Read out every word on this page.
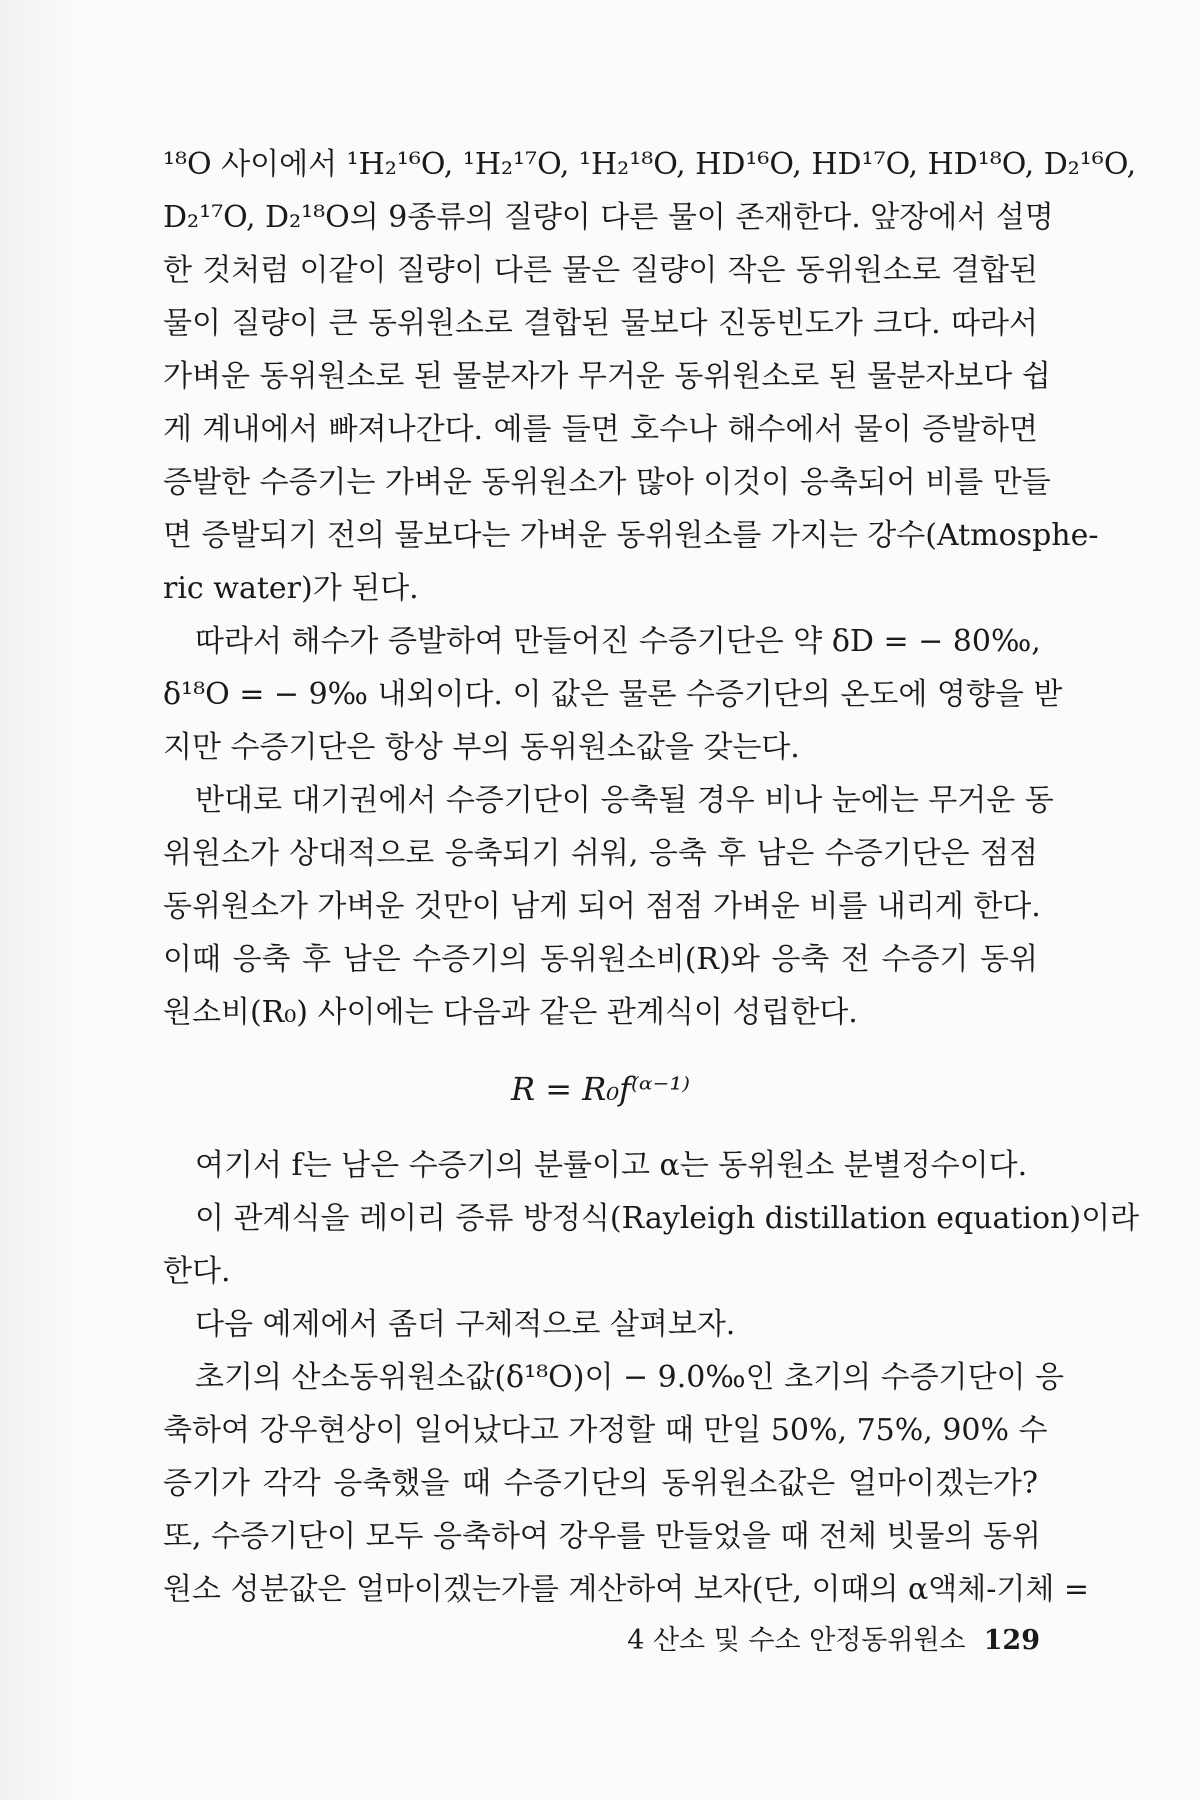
¹⁸O 사이에서 ¹H₂¹⁶O, ¹H₂¹⁷O, ¹H₂¹⁸O, HD¹⁶O, HD¹⁷O, HD¹⁸O, D₂¹⁶O,
D₂¹⁷O, D₂¹⁸O의 9종류의 질량이 다른 물이 존재한다. 앞장에서 설명
한 것처럼 이같이 질량이 다른 물은 질량이 작은 동위원소로 결합된
물이 질량이 큰 동위원소로 결합된 물보다 진동빈도가 크다. 따라서
가벼운 동위원소로 된 물분자가 무거운 동위원소로 된 물분자보다 쉽
게 계내에서 빠져나간다. 예를 들면 호수나 해수에서 물이 증발하면
증발한 수증기는 가벼운 동위원소가 많아 이것이 응축되어 비를 만들
면 증발되기 전의 물보다는 가벼운 동위원소를 가지는 강수(Atmosphe-
ric water)가 된다.
따라서 해수가 증발하여 만들어진 수증기단은 약 δD = − 80‰,
δ¹⁸O = − 9‰ 내외이다. 이 값은 물론 수증기단의 온도에 영향을 받
지만 수증기단은 항상 부의 동위원소값을 갖는다.
반대로 대기권에서 수증기단이 응축될 경우 비나 눈에는 무거운 동
위원소가 상대적으로 응축되기 쉬워, 응축 후 남은 수증기단은 점점
동위원소가 가벼운 것만이 남게 되어 점점 가벼운 비를 내리게 한다.
이때 응축 후 남은 수증기의 동위원소비(R)와 응축 전 수증기 동위
원소비(R₀) 사이에는 다음과 같은 관계식이 성립한다.
R = R₀f⁽ᵅ⁻¹⁾
여기서 f는 남은 수증기의 분률이고 α는 동위원소 분별정수이다.
이 관계식을 레이리 증류 방정식(Rayleigh distillation equation)이라
한다.
다음 예제에서 좀더 구체적으로 살펴보자.
초기의 산소동위원소값(δ¹⁸O)이 − 9.0‰인 초기의 수증기단이 응
축하여 강우현상이 일어났다고 가정할 때 만일 50%, 75%, 90% 수
증기가 각각 응축했을 때 수증기단의 동위원소값은 얼마이겠는가?
또, 수증기단이 모두 응축하여 강우를 만들었을 때 전체 빗물의 동위
원소 성분값은 얼마이겠는가를 계산하여 보자(단, 이때의 α액체-기체 =
4 산소 및 수소 안정동위원소 129
